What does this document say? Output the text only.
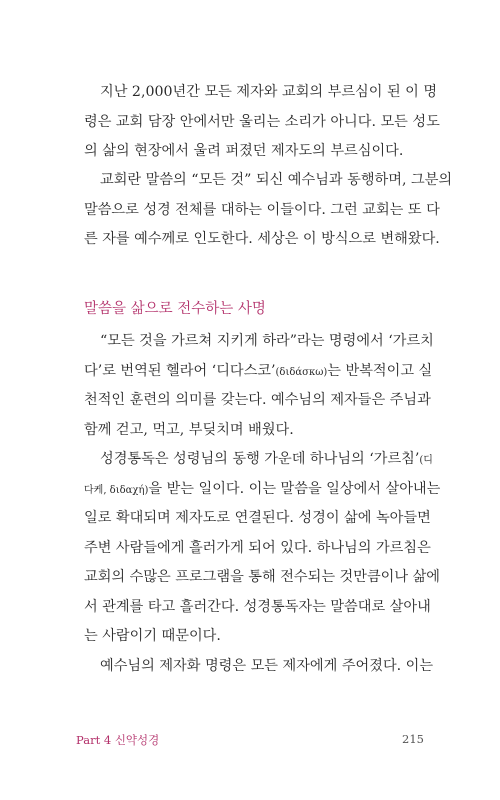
지난 2,000년간 모든 제자와 교회의 부르심이 된 이 명
령은 교회 담장 안에서만 울리는 소리가 아니다. 모든 성도
의 삶의 현장에서 울려 퍼졌던 제자도의 부르심이다.
교회란 말씀의 “모든 것” 되신 예수님과 동행하며, 그분의
말씀으로 성경 전체를 대하는 이들이다. 그런 교회는 또 다
른 자를 예수께로 인도한다. 세상은 이 방식으로 변해왔다.
말씀을 삶으로 전수하는 사명
“모든 것을 가르쳐 지키게 하라”라는 명령에서 ‘가르치
다’로 번역된 헬라어 ‘디다스코’(διδάσκω)는 반복적이고 실
천적인 훈련의 의미를 갖는다. 예수님의 제자들은 주님과
함께 걷고, 먹고, 부딪치며 배웠다.
성경통독은 성령님의 동행 가운데 하나님의 ‘가르침’(디
다케, διδαχή)을 받는 일이다. 이는 말씀을 일상에서 살아내는
일로 확대되며 제자도로 연결된다. 성경이 삶에 녹아들면
주변 사람들에게 흘러가게 되어 있다. 하나님의 가르침은
교회의 수많은 프로그램을 통해 전수되는 것만큼이나 삶에
서 관계를 타고 흘러간다. 성경통독자는 말씀대로 살아내
는 사람이기 때문이다.
예수님의 제자화 명령은 모든 제자에게 주어졌다. 이는
Part 4 신약성경	215
